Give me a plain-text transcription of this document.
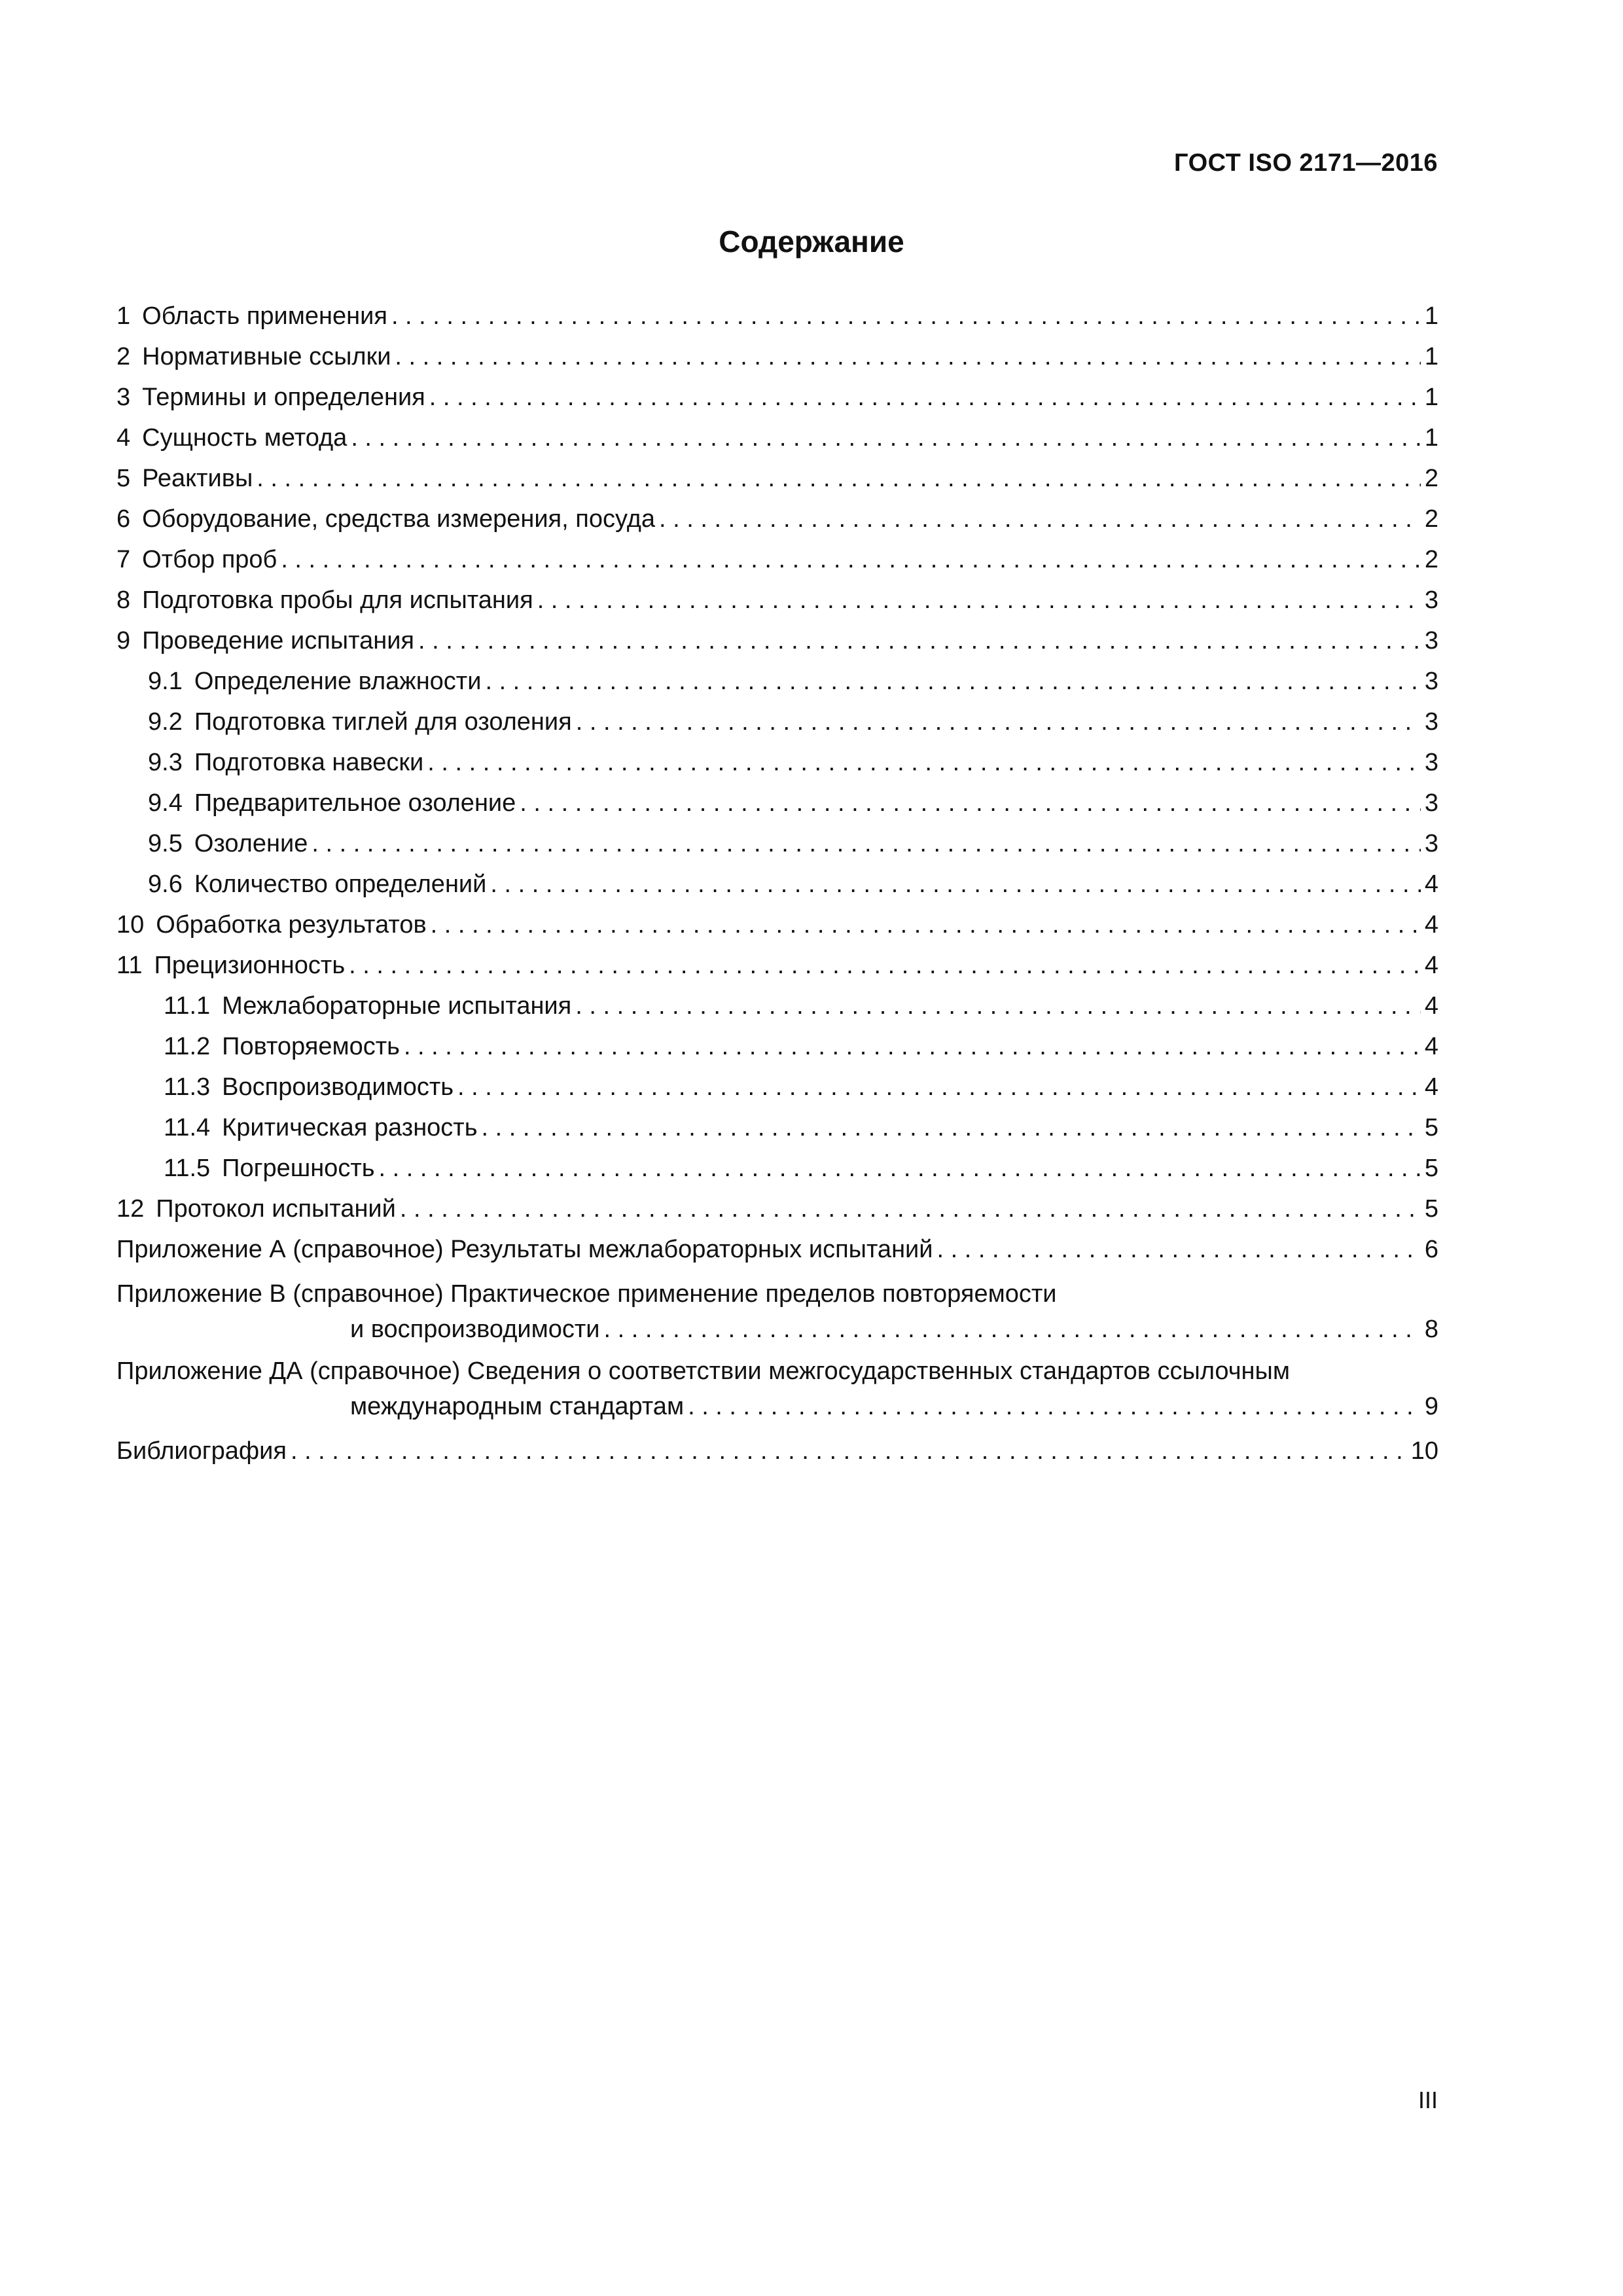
ГОСТ ISO 2171—2016
Содержание
1 Область применения . . .	1
2 Нормативные ссылки . . .	1
3 Термины и определения . . .	1
4 Сущность метода . . .	1
5 Реактивы . . .	2
6 Оборудование, средства измерения, посуда . . .	2
7 Отбор проб . . .	2
8 Подготовка пробы для испытания . . .	3
9 Проведение испытания . . .	3
9.1 Определение влажности . . .	3
9.2 Подготовка тиглей для озоления . . .	3
9.3 Подготовка навески . . .	3
9.4 Предварительное озоление . . .	3
9.5 Озоление . . .	3
9.6 Количество определений . . .	4
10 Обработка результатов . . .	4
11 Прецизионность . . .	4
11.1 Межлабораторные испытания . . .	4
11.2 Повторяемость . . .	4
11.3 Воспроизводимость . . .	4
11.4 Критическая разность . . .	5
11.5 Погрешность . . .	5
12 Протокол испытаний . . .	5
Приложение А (справочное) Результаты межлабораторных испытаний . . .	6
Приложение В (справочное) Практическое применение пределов повторяемости
и воспроизводимости . . .	8
Приложение ДА (справочное) Сведения о соответствии межгосударственных стандартов ссылочным
международным стандартам . . .	9
Библиография . . .	10
III
